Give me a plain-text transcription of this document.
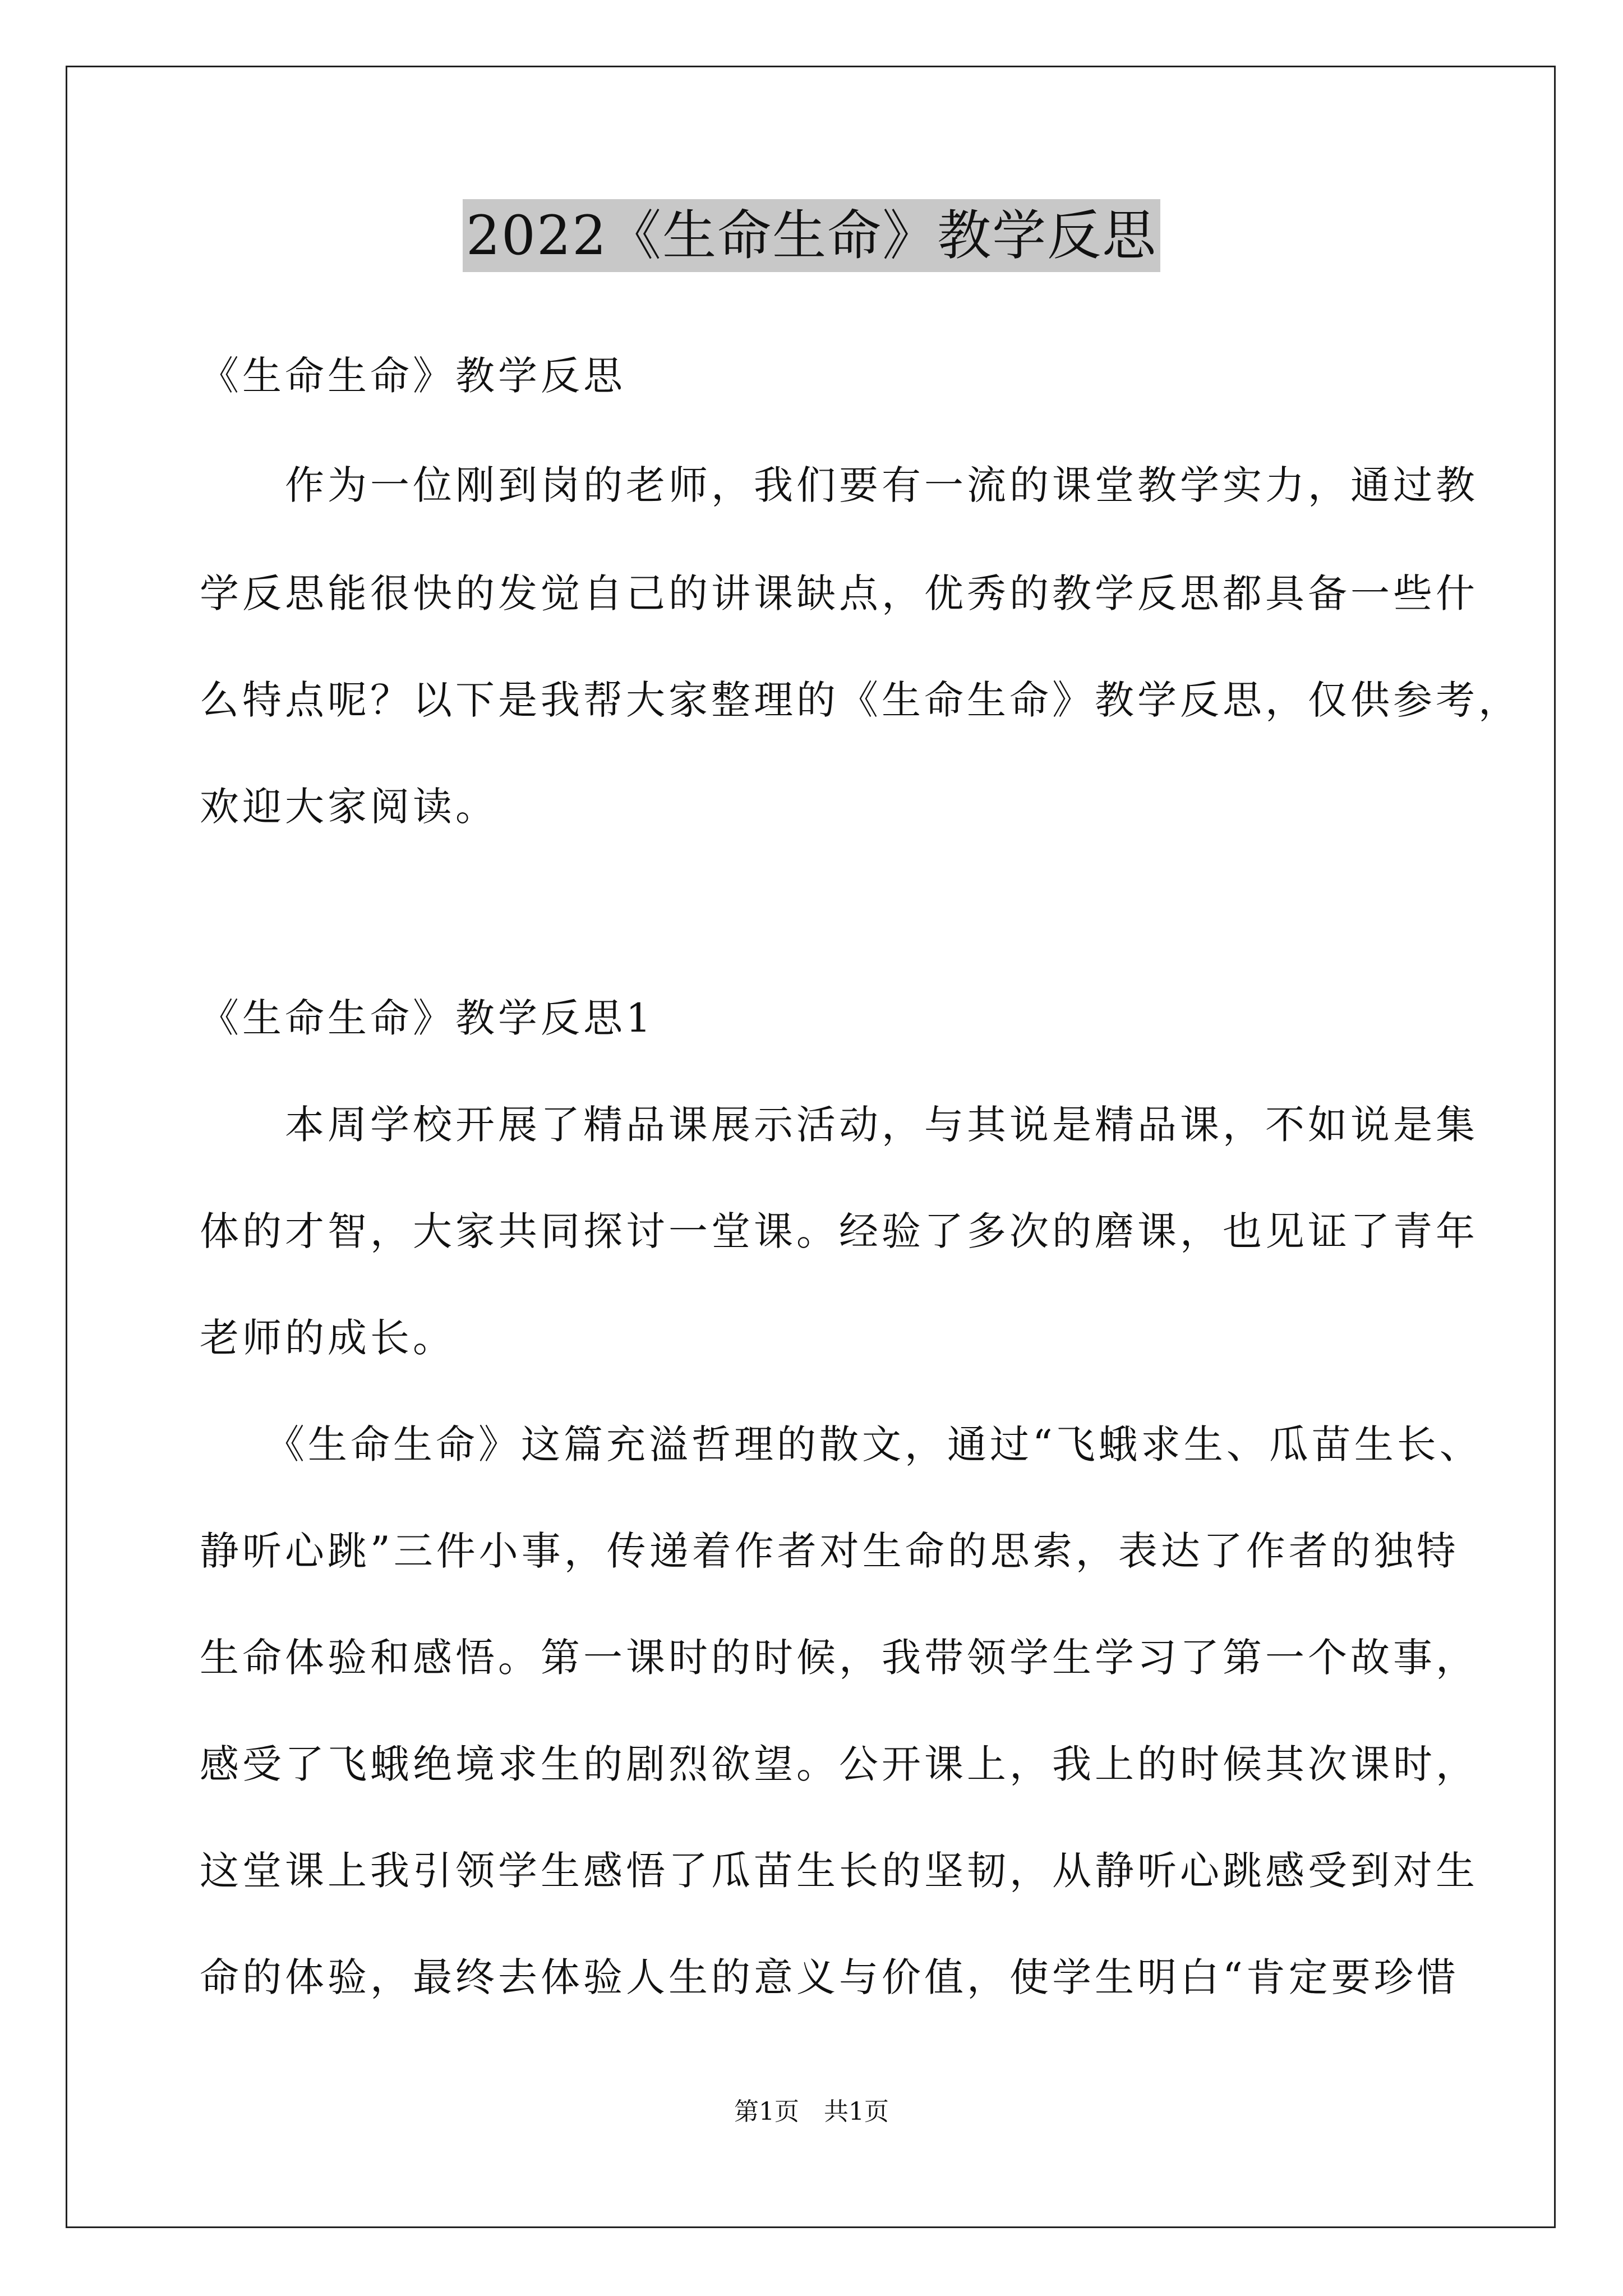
2022《生命生命》教学反思
《生命生命》教学反思
　　作为一位刚到岗的老师，我们要有一流的课堂教学实力，通过教
学反思能很快的发觉自己的讲课缺点，优秀的教学反思都具备一些什
么特点呢？以下是我帮大家整理的《生命生命》教学反思，仅供参考，
欢迎大家阅读。
《生命生命》教学反思1
　　本周学校开展了精品课展示活动，与其说是精品课，不如说是集
体的才智，大家共同探讨一堂课。经验了多次的磨课，也见证了青年
老师的成长。
　　《生命生命》这篇充溢哲理的散文，通过“飞蛾求生、瓜苗生长、
静听心跳”三件小事，传递着作者对生命的思索，表达了作者的独特
生命体验和感悟。第一课时的时候，我带领学生学习了第一个故事，
感受了飞蛾绝境求生的剧烈欲望。公开课上，我上的时候其次课时，
这堂课上我引领学生感悟了瓜苗生长的坚韧，从静听心跳感受到对生
命的体验，最终去体验人生的意义与价值，使学生明白“肯定要珍惜
第1页　共1页
